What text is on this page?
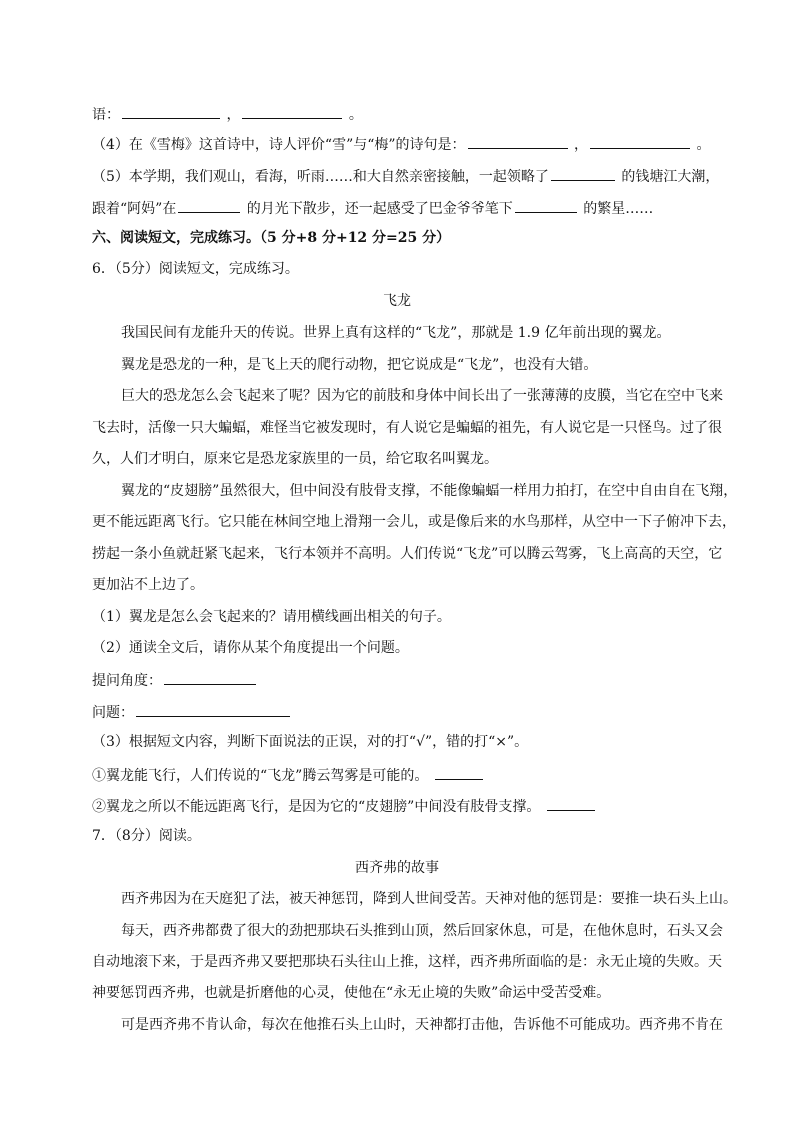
语：	，	。
（4）在《雪梅》这首诗中，诗人评价“雪”与“梅”的诗句是：	，	。
（5）本学期，我们观山，看海，听雨……和大自然亲密接触，一起领略了	的钱塘江大潮，
跟着“阿妈”在	的月光下散步，还一起感受了巴金爷爷笔下	的繁星……
六、阅读短文，完成练习。（5 分+8 分+12 分=25 分）
6．（5分）阅读短文，完成练习。
飞龙
我国民间有龙能升天的传说。世界上真有这样的“飞龙”，那就是 1.9 亿年前出现的翼龙。
翼龙是恐龙的一种，是飞上天的爬行动物，把它说成是“飞龙”，也没有大错。
巨大的恐龙怎么会飞起来了呢？因为它的前肢和身体中间长出了一张薄薄的皮膜，当它在空中飞来
飞去时，活像一只大蝙蝠，难怪当它被发现时，有人说它是蝙蝠的祖先，有人说它是一只怪鸟。过了很
久，人们才明白，原来它是恐龙家族里的一员，给它取名叫翼龙。
翼龙的“皮翅膀”虽然很大，但中间没有肢骨支撑，不能像蝙蝠一样用力拍打，在空中自由自在飞翔，
更不能远距离飞行。它只能在林间空地上滑翔一会儿，或是像后来的水鸟那样，从空中一下子俯冲下去，
捞起一条小鱼就赶紧飞起来，飞行本领并不高明。人们传说“飞龙”可以腾云驾雾，飞上高高的天空，它
更加沾不上边了。
（1）翼龙是怎么会飞起来的？请用横线画出相关的句子。
（2）通读全文后，请你从某个角度提出一个问题。
提问角度：
问题：
（3）根据短文内容，判断下面说法的正误，对的打“√”，错的打“×”。
①翼龙能飞行，人们传说的“飞龙”腾云驾雾是可能的。
②翼龙之所以不能远距离飞行，是因为它的“皮翅膀”中间没有肢骨支撑。
7．（8分）阅读。
西齐弗的故事
西齐弗因为在天庭犯了法，被天神惩罚，降到人世间受苦。天神对他的惩罚是：要推一块石头上山。
每天，西齐弗都费了很大的劲把那块石头推到山顶，然后回家休息，可是，在他休息时，石头又会
自动地滚下来，于是西齐弗又要把那块石头往山上推，这样，西齐弗所面临的是：永无止境的失败。天
神要惩罚西齐弗，也就是折磨他的心灵，使他在“永无止境的失败”命运中受苦受难。
可是西齐弗不肯认命，每次在他推石头上山时，天神都打击他，告诉他不可能成功。西齐弗不肯在
